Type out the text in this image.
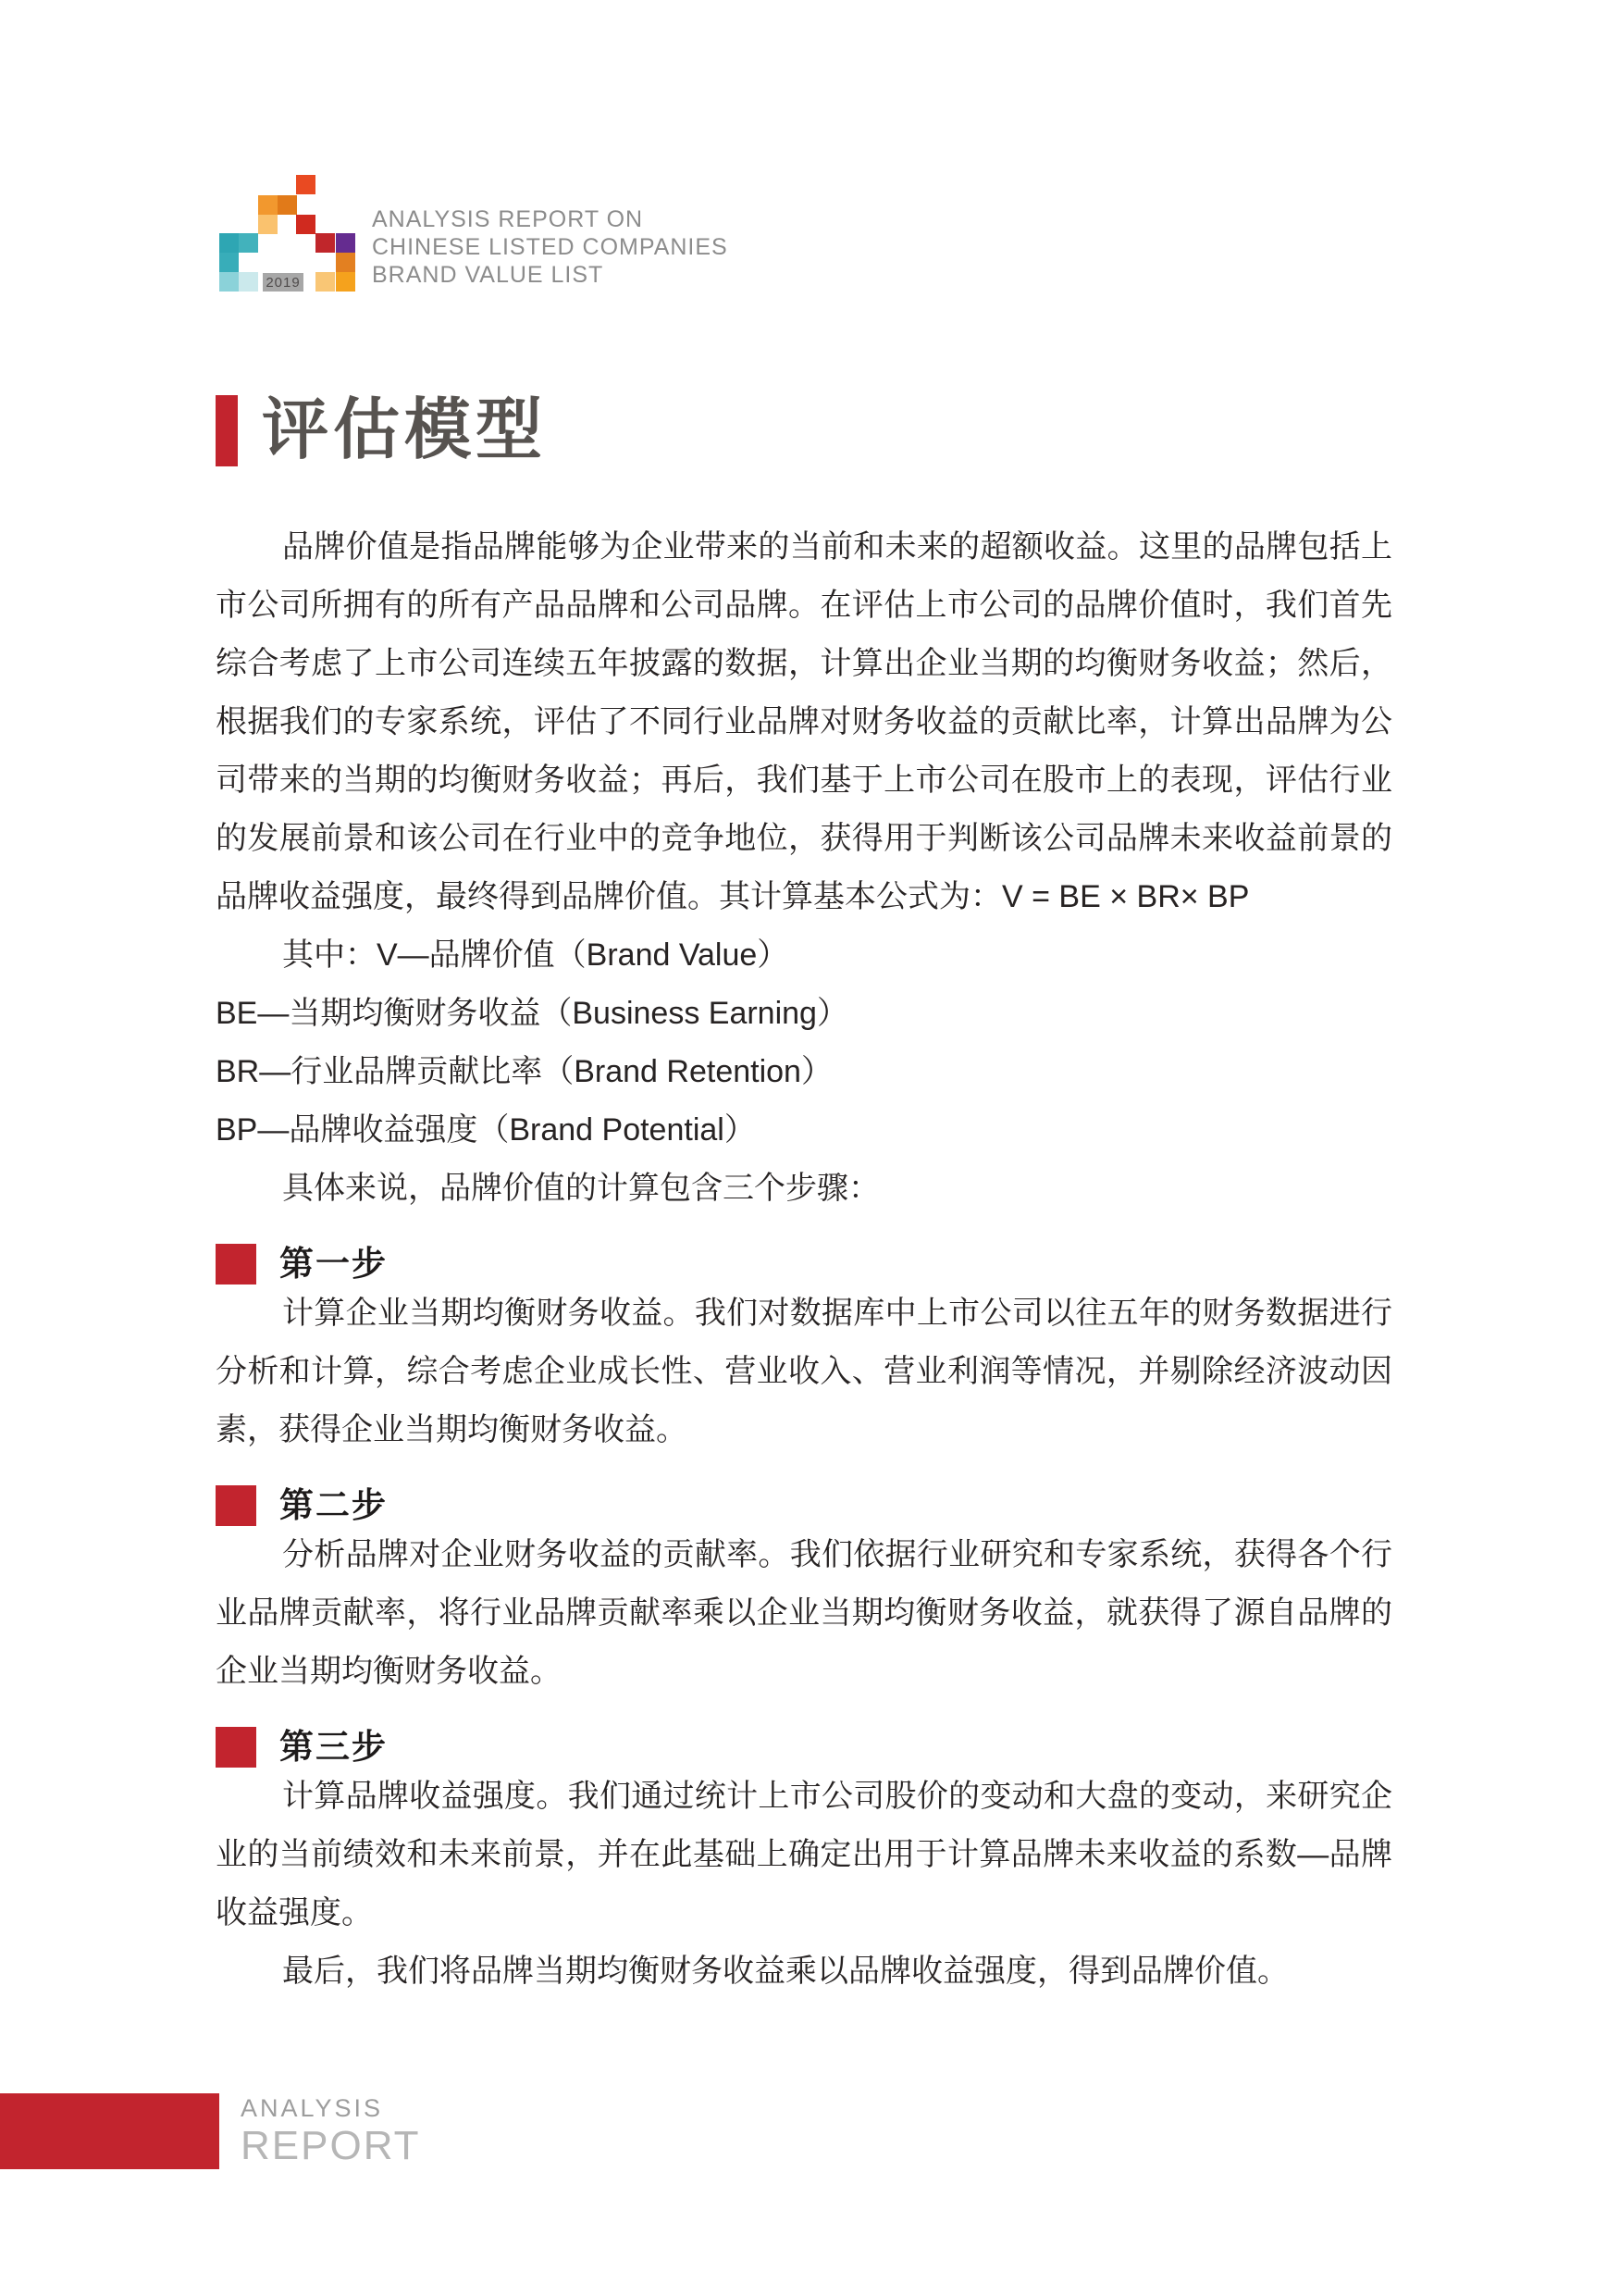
2019
ANALYSIS REPORT ON
CHINESE LISTED COMPANIES
BRAND VALUE LIST
评估模型

品牌价值是指品牌能够为企业带来的当前和未来的超额收益。这里的品牌包括上市公司所拥有的所有产品品牌和公司品牌。在评估上市公司的品牌价值时，我们首先综合考虑了上市公司连续五年披露的数据，计算出企业当期的均衡财务收益；然后，根据我们的专家系统，评估了不同行业品牌对财务收益的贡献比率，计算出品牌为公司带来的当期的均衡财务收益；再后，我们基于上市公司在股市上的表现，评估行业的发展前景和该公司在行业中的竞争地位，获得用于判断该公司品牌未来收益前景的品牌收益强度，最终得到品牌价值。其计算基本公式为：V = BE × BR× BP

其中：V—品牌价值（Brand Value）

BE—当期均衡财务收益（Business Earning）

BR—行业品牌贡献比率（Brand Retention）

BP—品牌收益强度（Brand Potential）

具体来说，品牌价值的计算包含三个步骤：

第一步

计算企业当期均衡财务收益。我们对数据库中上市公司以往五年的财务数据进行分析和计算，综合考虑企业成长性、营业收入、营业利润等情况，并剔除经济波动因素，获得企业当期均衡财务收益。

第二步

分析品牌对企业财务收益的贡献率。我们依据行业研究和专家系统，获得各个行业品牌贡献率，将行业品牌贡献率乘以企业当期均衡财务收益，就获得了源自品牌的企业当期均衡财务收益。

第三步

计算品牌收益强度。我们通过统计上市公司股价的变动和大盘的变动，来研究企业的当前绩效和未来前景，并在此基础上确定出用于计算品牌未来收益的系数—品牌收益强度。

最后，我们将品牌当期均衡财务收益乘以品牌收益强度，得到品牌价值。

ANALYSIS
REPORT
